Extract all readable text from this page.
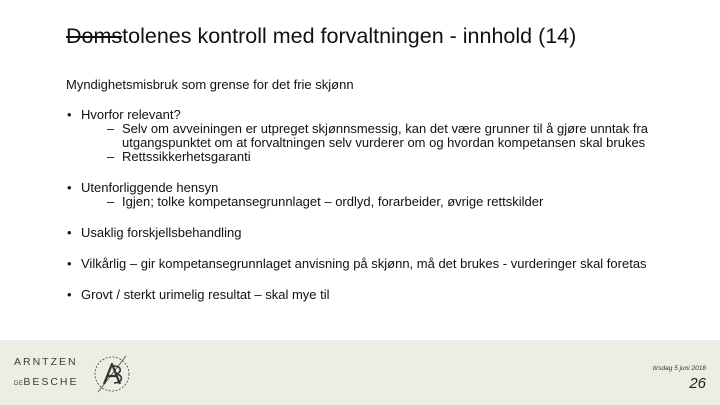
Domstolenes kontroll med forvaltningen - innhold (14)

Myndighetsmisbruk som grense for det frie skjønn

• Hvorfor relevant?

– Selv om avveiningen er utpreget skjønnsmessig, kan det være grunner til å gjøre unntak fra utgangspunktet om at forvaltningen selv vurderer om og hvordan kompetansen skal brukes

– Rettssikkerhetsgaranti

• Utenforliggende hensyn

– Igjen; tolke kompetansegrunnlaget – ordlyd, forarbeider, øvrige rettskilder

• Usaklig forskjellsbehandling
• Vilkårlig – gir kompetansegrunnlaget anvisning på skjønn, må det brukes - vurderinger skal foretas
• Grovt / sterkt urimelig resultat – skal mye til
ARNTZEN
DEBESCHE
tirsdag 5 juni 2018
26
